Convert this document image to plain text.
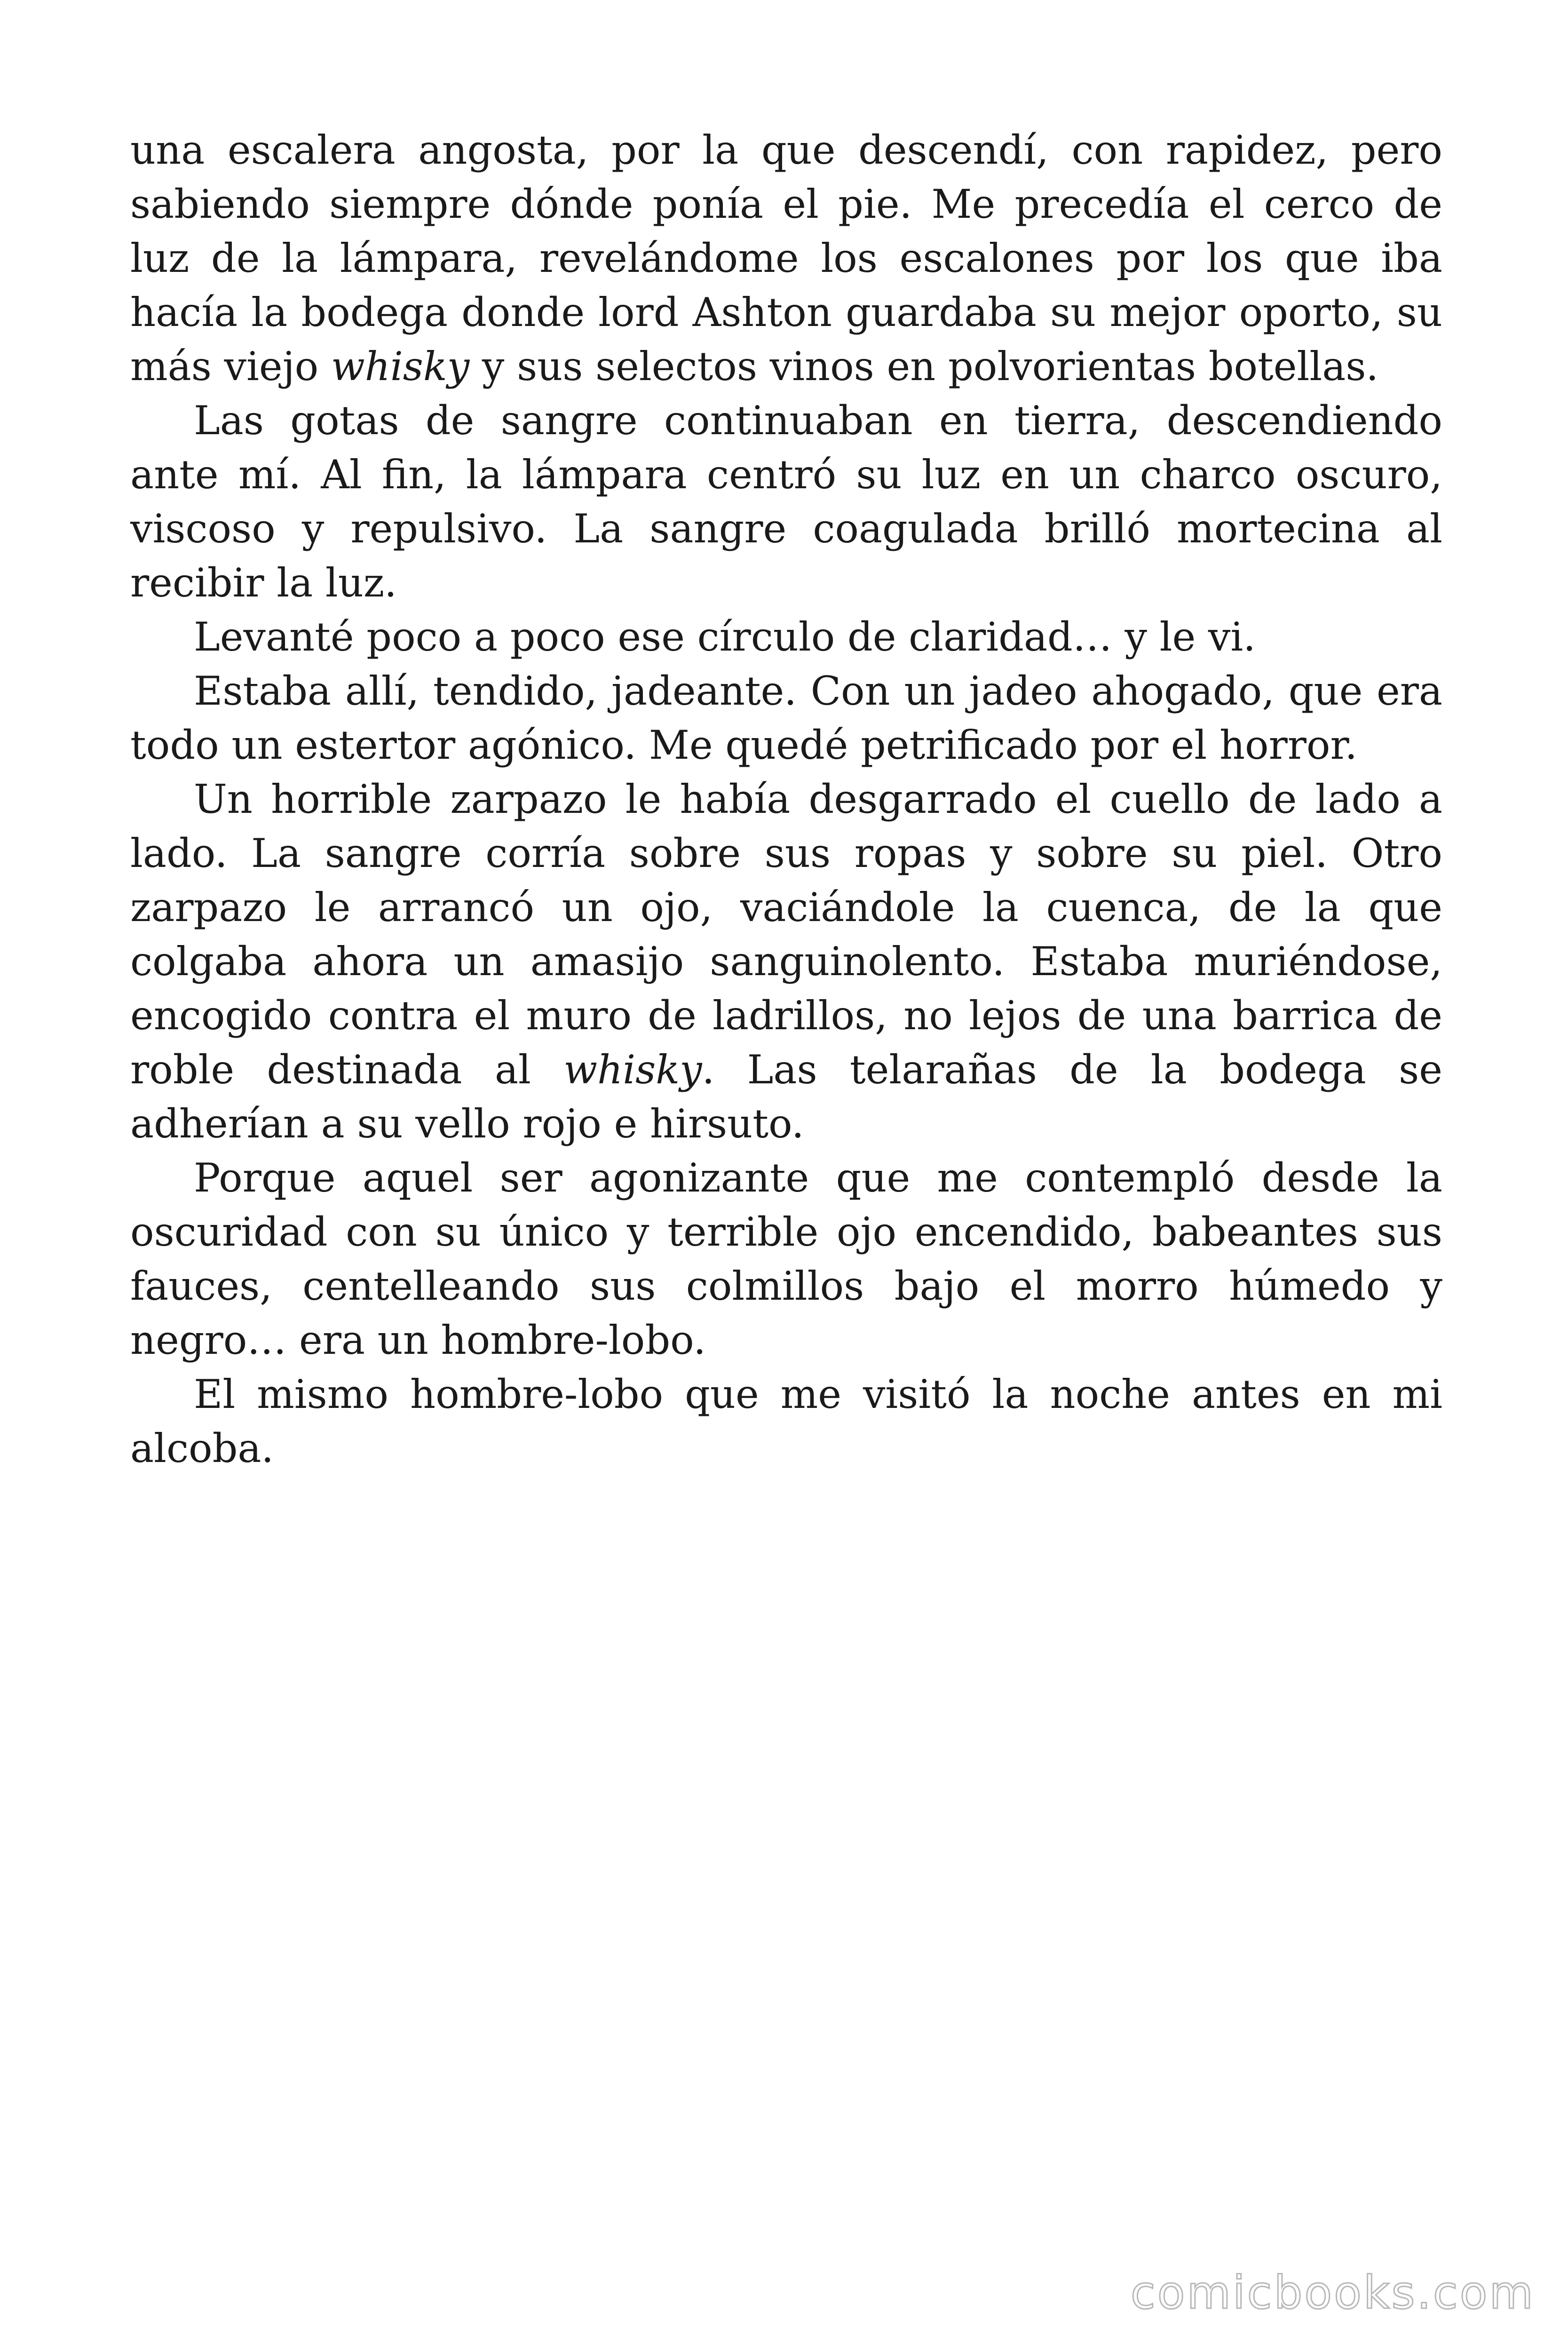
una escalera angosta, por la que descendí, con rapidez, pero sabiendo siempre dónde ponía el pie. Me precedía el cerco de luz de la lámpara, revelándome los escalones por los que iba hacía la bodega donde lord Ashton guardaba su mejor oporto, su más viejo whisky y sus selectos vinos en polvorientas botellas.

Las gotas de sangre continuaban en tierra, descendiendo ante mí. Al fin, la lámpara centró su luz en un charco oscuro, viscoso y repulsivo. La sangre coagulada brilló mortecina al recibir la luz.

Levanté poco a poco ese círculo de claridad… y le vi.

Estaba allí, tendido, jadeante. Con un jadeo ahogado, que era todo un estertor agónico. Me quedé petrificado por el horror.

Un horrible zarpazo le había desgarrado el cuello de lado a lado. La sangre corría sobre sus ropas y sobre su piel. Otro zarpazo le arrancó un ojo, vaciándole la cuenca, de la que colgaba ahora un amasijo sanguinolento. Estaba muriéndose, encogido contra el muro de ladrillos, no lejos de una barrica de roble destinada al whisky. Las telarañas de la bodega se adherían a su vello rojo e hirsuto.

Porque aquel ser agonizante que me contempló desde la oscuridad con su único y terrible ojo encendido, babeantes sus fauces, centelleando sus colmillos bajo el morro húmedo y negro… era un hombre-lobo.

El mismo hombre-lobo que me visitó la noche antes en mi alcoba.

comicbooks.com
